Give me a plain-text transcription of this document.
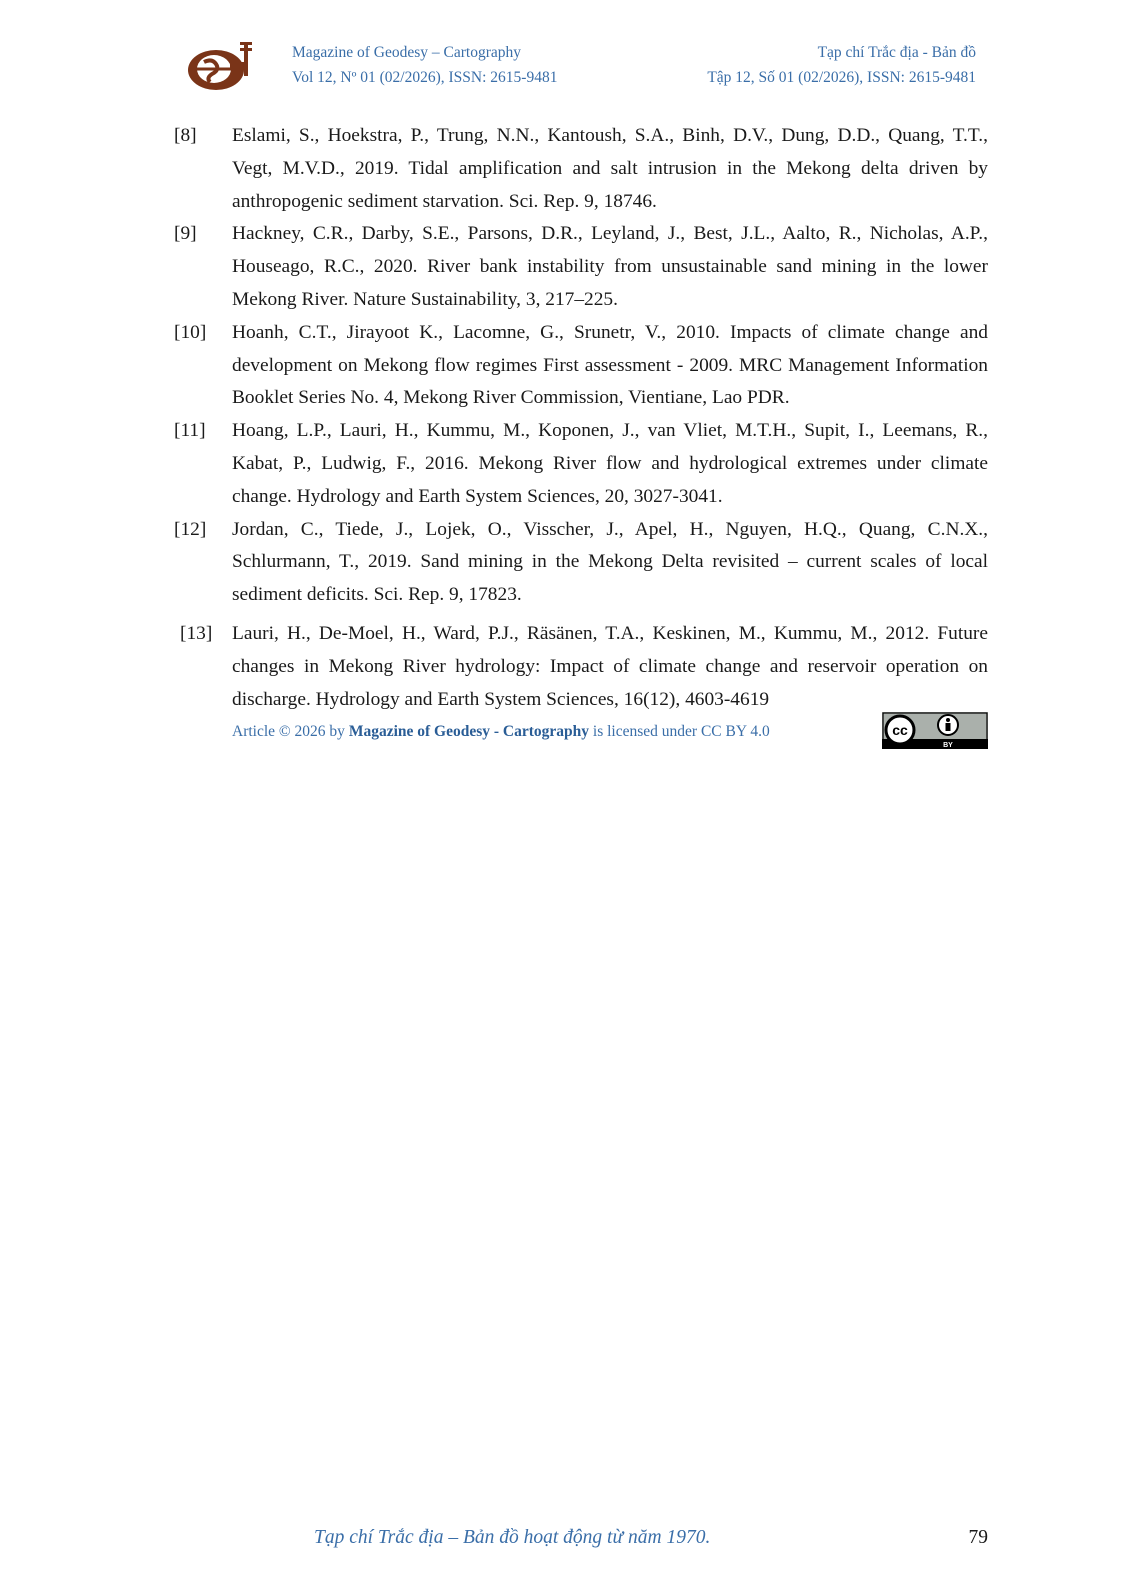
Magazine of Geodesy – Cartography
Vol 12, Nº 01 (02/2026), ISSN: 2615-9481
Tạp chí Trắc địa - Bản đồ
Tập 12, Số 01 (02/2026), ISSN: 2615-9481
[8] Eslami, S., Hoekstra, P., Trung, N.N., Kantoush, S.A., Binh, D.V., Dung, D.D., Quang, T.T., Vegt, M.V.D., 2019. Tidal amplification and salt intrusion in the Mekong delta driven by anthropogenic sediment starvation. Sci. Rep. 9, 18746.
[9] Hackney, C.R., Darby, S.E., Parsons, D.R., Leyland, J., Best, J.L., Aalto, R., Nicholas, A.P., Houseago, R.C., 2020. River bank instability from unsustainable sand mining in the lower Mekong River. Nature Sustainability, 3, 217–225.
[10] Hoanh, C.T., Jirayoot K., Lacomne, G., Srunetr, V., 2010. Impacts of climate change and development on Mekong flow regimes First assessment - 2009. MRC Management Information Booklet Series No. 4, Mekong River Commission, Vientiane, Lao PDR.
[11] Hoang, L.P., Lauri, H., Kummu, M., Koponen, J., van Vliet, M.T.H., Supit, I., Leemans, R., Kabat, P., Ludwig, F., 2016. Mekong River flow and hydrological extremes under climate change. Hydrology and Earth System Sciences, 20, 3027-3041.
[12] Jordan, C., Tiede, J., Lojek, O., Visscher, J., Apel, H., Nguyen, H.Q., Quang, C.N.X., Schlurmann, T., 2019. Sand mining in the Mekong Delta revisited – current scales of local sediment deficits. Sci. Rep. 9, 17823.
[13] Lauri, H., De-Moel, H., Ward, P.J., Räsänen, T.A., Keskinen, M., Kummu, M., 2012. Future changes in Mekong River hydrology: Impact of climate change and reservoir operation on discharge. Hydrology and Earth System Sciences, 16(12), 4603-4619
Article © 2026 by Magazine of Geodesy - Cartography is licensed under CC BY 4.0	cc
BY
Tạp chí Trắc địa – Bản đồ hoạt động từ năm 1970.	79
